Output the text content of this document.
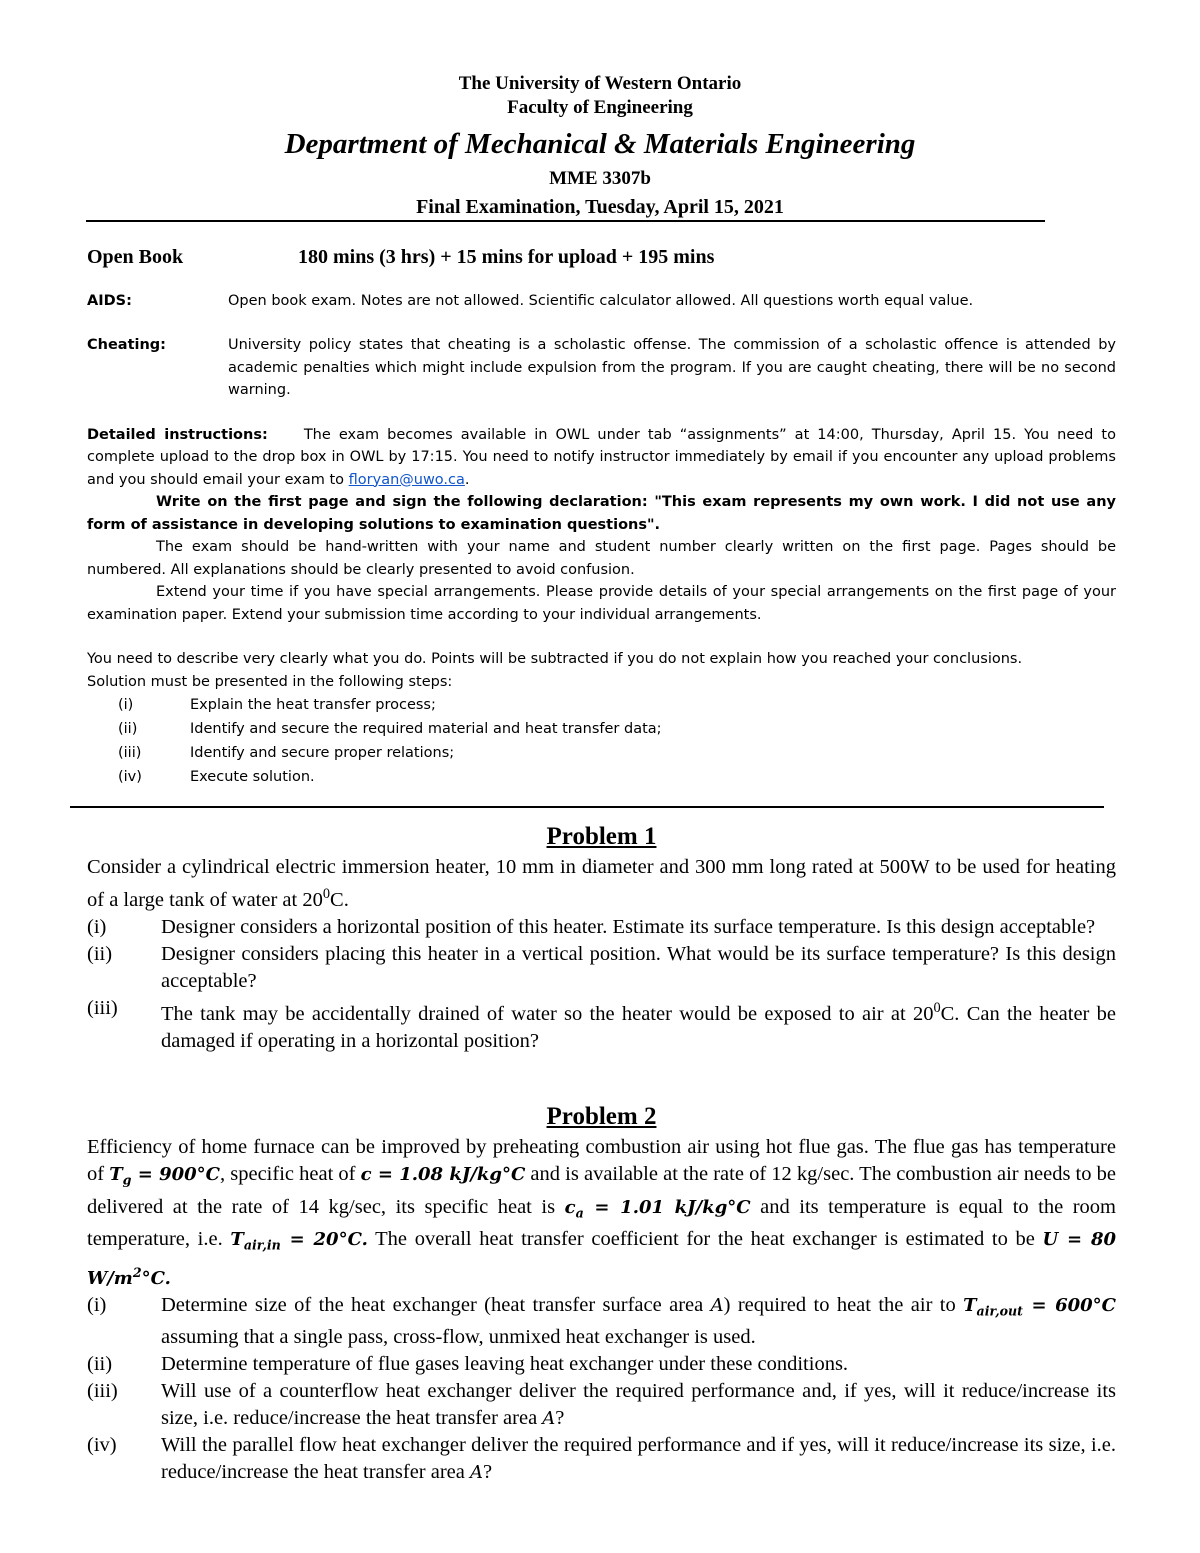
The University of Western Ontario
Faculty of Engineering
Department of Mechanical & Materials Engineering
MME 3307b
Final Examination, Tuesday, April 15, 2021
Open Book	180 mins (3 hrs) + 15 mins for upload + 195 mins
AIDS:	Open book exam. Notes are not allowed. Scientific calculator allowed. All questions worth equal value.
Cheating:	University policy states that cheating is a scholastic offense. The commission of a scholastic offence is attended by academic penalties which might include expulsion from the program. If you are caught cheating, there will be no second warning.
Detailed instructions: The exam becomes available in OWL under tab “assignments” at 14:00, Thursday, April 15. You need to complete upload to the drop box in OWL by 17:15. You need to notify instructor immediately by email if you encounter any upload problems and you should email your exam to floryan@uwo.ca.
Write on the first page and sign the following declaration: "This exam represents my own work. I did not use any form of assistance in developing solutions to examination questions".
The exam should be hand-written with your name and student number clearly written on the first page. Pages should be numbered. All explanations should be clearly presented to avoid confusion.
Extend your time if you have special arrangements. Please provide details of your special arrangements on the first page of your examination paper. Extend your submission time according to your individual arrangements.
You need to describe very clearly what you do. Points will be subtracted if you do not explain how you reached your conclusions.
Solution must be presented in the following steps:
(i)	Explain the heat transfer process;
(ii)	Identify and secure the required material and heat transfer data;
(iii)	Identify and secure proper relations;
(iv)	Execute solution.
Problem 1

Consider a cylindrical electric immersion heater, 10 mm in diameter and 300 mm long rated at 500W to be used for heating of a large tank of water at $20^0C$.

(i)	Designer considers a horizontal position of this heater. Estimate its surface temperature. Is this design acceptable?
(ii) Designer considers placing this heater in a vertical position. What would be its surface temperature? Is this design acceptable?
(iii) The tank may be accidentally drained of water so the heater would be exposed to air at $20^0C$. Can the heater be damaged if operating in a horizontal position?
Problem 2

Efficiency of home furnace can be improved by preheating combustion air using hot flue gas. The flue gas has temperature of $T_g = 900^\circ C$, specific heat of c = 1.08 kJ/kg°C and is available at the rate of 12 kg/sec. The combustion air needs to be delivered at the rate of 14 kg/sec, its specific heat is $c_a = 1.01$ kJ/kg°C and its temperature is equal to the room temperature, i.e. $T_{air,in} = 20^\circ C$. The overall heat transfer coefficient for the heat exchanger is estimated to be U = 80 $W/m^2^\circ C$.

(i)	Determine size of the heat exchanger (heat transfer surface area A) required to heat the air to $T_{air,out} = 600^\circ C$ assuming that a single pass, cross-flow, unmixed heat exchanger is used.
(ii) Determine temperature of flue gases leaving heat exchanger under these conditions.
(iii) Will use of a counterflow heat exchanger deliver the required performance and, if yes, will it reduce/increase its size, i.e. reduce/increase the heat transfer area A?
(iv) Will the parallel flow heat exchanger deliver the required performance and if yes, will it reduce/increase its size, i.e. reduce/increase the heat transfer area A?
